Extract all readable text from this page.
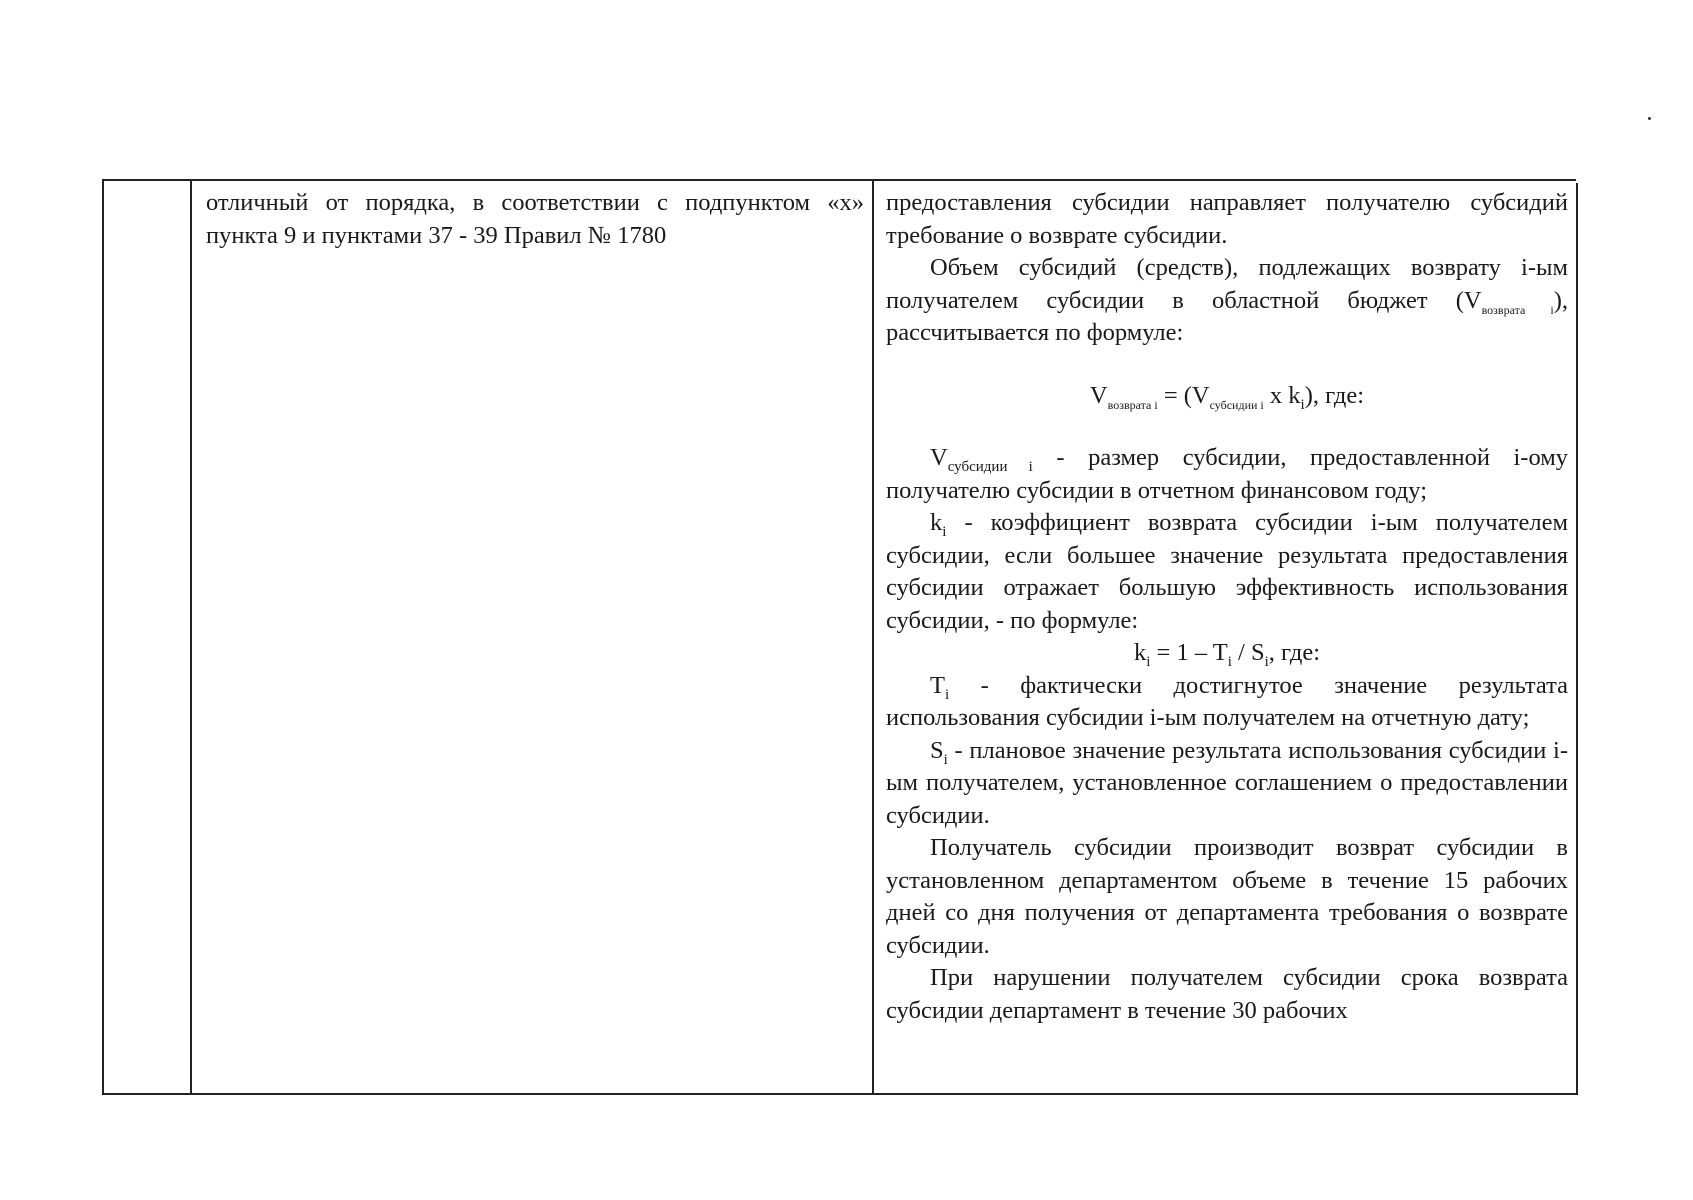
отличный от порядка, в соответствии с подпунктом «х» пункта 9 и пунктами 37 - 39 Правил № 1780

предоставления субсидии направляет получателю субсидий требование о возврате субсидии.

Объем субсидий (средств), подлежащих возврату i-ым получателем субсидии в областной бюджет $(V_{возврата i})$, рассчитывается по формуле:

$V_{возврата i} = (V_{субсидии i}$ x $k_i$), где:

$V_{субсидии i}$ - размер субсидии, предоставленной i-ому получателю субсидии в отчетном финансовом году;

$k_i$ - коэффициент возврата субсидии i-ым получателем субсидии, если большее значение результата предоставления субсидии отражает большую эффективность использования субсидии, - по формуле:

$k_i = 1 - T_i / S_i$, где:

$T_i$ - фактически достигнутое значение результата использования субсидии i-ым получателем на отчетную дату;

$S_i$ - плановое значение результата использования субсидии i-ым получателем, установленное соглашением о предоставлении субсидии.

Получатель субсидии производит возврат субсидии в установленном департаментом объеме в течение 15 рабочих дней со дня получения от департамента требования о возврате субсидии.

При нарушении получателем субсидии срока возврата субсидии департамент в течение 30 рабочих
